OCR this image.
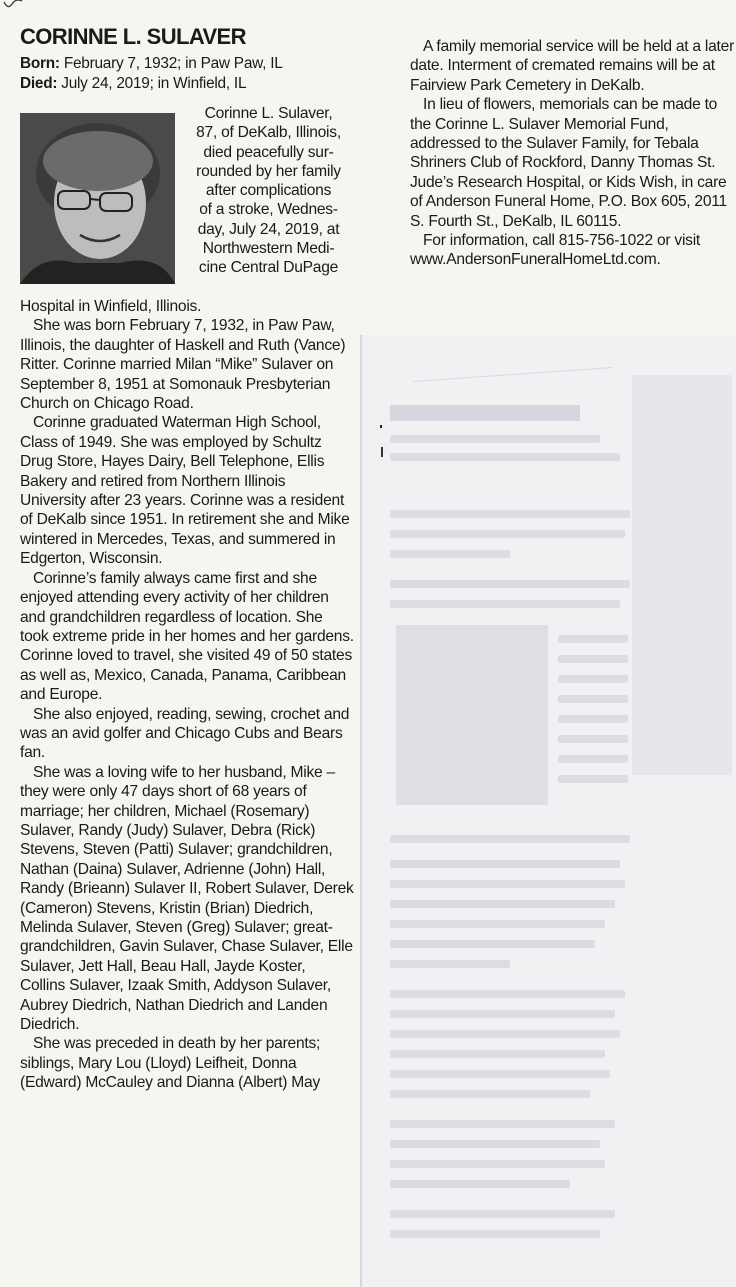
CORINNE L. SULAVER
Born: February 7, 1932; in Paw Paw, IL
Died: July 24, 2019; in Winfield, IL
Corinne L. Sulaver,
87, of DeKalb, Illinois,
died peacefully sur-
rounded by her family
after complications
of a stroke, Wednes-
day, July 24, 2019, at
Northwestern Medi-
cine Central DuPage

Hospital in Winfield, Illinois.

She was born February 7, 1932, in Paw Paw, Illinois, the daughter of Haskell and Ruth (Vance) Ritter. Corinne married Milan “Mike” Sulaver on September 8, 1951 at Somonauk Presbyterian Church on Chicago Road.

Corinne graduated Waterman High School, Class of 1949. She was employed by Schultz Drug Store, Hayes Dairy, Bell Telephone, Ellis Bakery and retired from Northern Illinois University after 23 years. Corinne was a resident of DeKalb since 1951. In retirement she and Mike wintered in Mercedes, Texas, and summered in Edgerton, Wisconsin.

Corinne’s family always came first and she enjoyed attending every activity of her children and grandchildren regardless of location. She took extreme pride in her homes and her gardens. Corinne loved to travel, she visited 49 of 50 states as well as, Mexico, Canada, Panama, Caribbean and Europe.

She also enjoyed, reading, sewing, crochet and was an avid golfer and Chicago Cubs and Bears fan.

She was a loving wife to her husband, Mike – they were only 47 days short of 68 years of marriage; her children, Michael (Rosemary) Sulaver, Randy (Judy) Sulaver, Debra (Rick) Stevens, Steven (Patti) Sulaver; grandchildren, Nathan (Daina) Sulaver, Adrienne (John) Hall, Randy (Brieann) Sulaver II, Robert Sulaver, Derek (Cameron) Stevens, Kristin (Brian) Diedrich, Melinda Sulaver, Steven (Greg) Sulaver; great-grandchildren, Gavin Sulaver, Chase Sulaver, Elle Sulaver, Jett Hall, Beau Hall, Jayde Koster, Collins Sulaver, Izaak Smith, Addyson Sulaver, Aubrey Diedrich, Nathan Diedrich and Landen Diedrich.

She was preceded in death by her parents; siblings, Mary Lou (Lloyd) Leifheit, Donna (Edward) McCauley and Dianna (Albert) May

A family memorial service will be held at a later date. Interment of cremated remains will be at Fairview Park Cemetery in DeKalb.

In lieu of flowers, memorials can be made to the Corinne L. Sulaver Memorial Fund, addressed to the Sulaver Family, for Tebala Shriners Club of Rockford, Danny Thomas St. Jude’s Research Hospital, or Kids Wish, in care of Anderson Funeral Home, P.O. Box 605, 2011 S. Fourth St., DeKalb, IL 60115.

For information, call 815-756-1022 or visit www.AndersonFuneralHomeLtd.com.
